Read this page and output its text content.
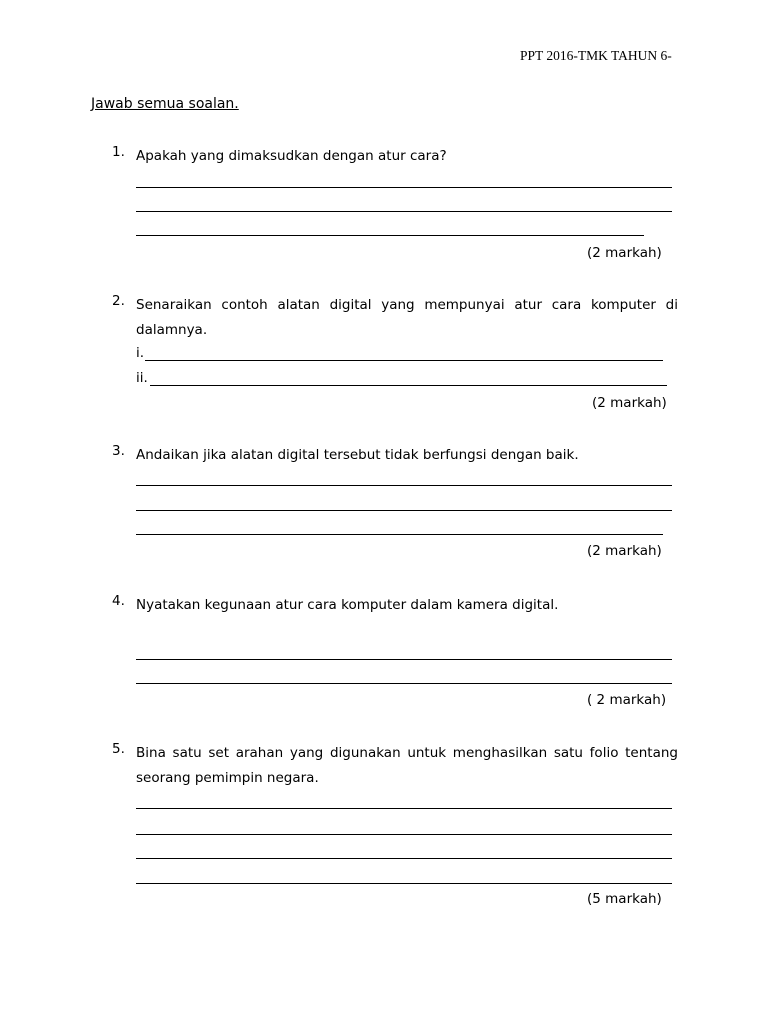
PPT 2016-TMK TAHUN 6-
Jawab semua soalan.
1. Apakah yang dimaksudkan dengan atur cara?
(2 markah)
2. Senaraikan contoh alatan digital yang mempunyai atur cara komputer di dalamnya.
i.
ii.
(2 markah)
3. Andaikan jika alatan digital tersebut tidak berfungsi dengan baik.
(2 markah)
4. Nyatakan kegunaan atur cara komputer dalam kamera digital.
( 2 markah)
5. Bina satu set arahan yang digunakan untuk menghasilkan satu folio tentang seorang pemimpin negara.
(5 markah)
